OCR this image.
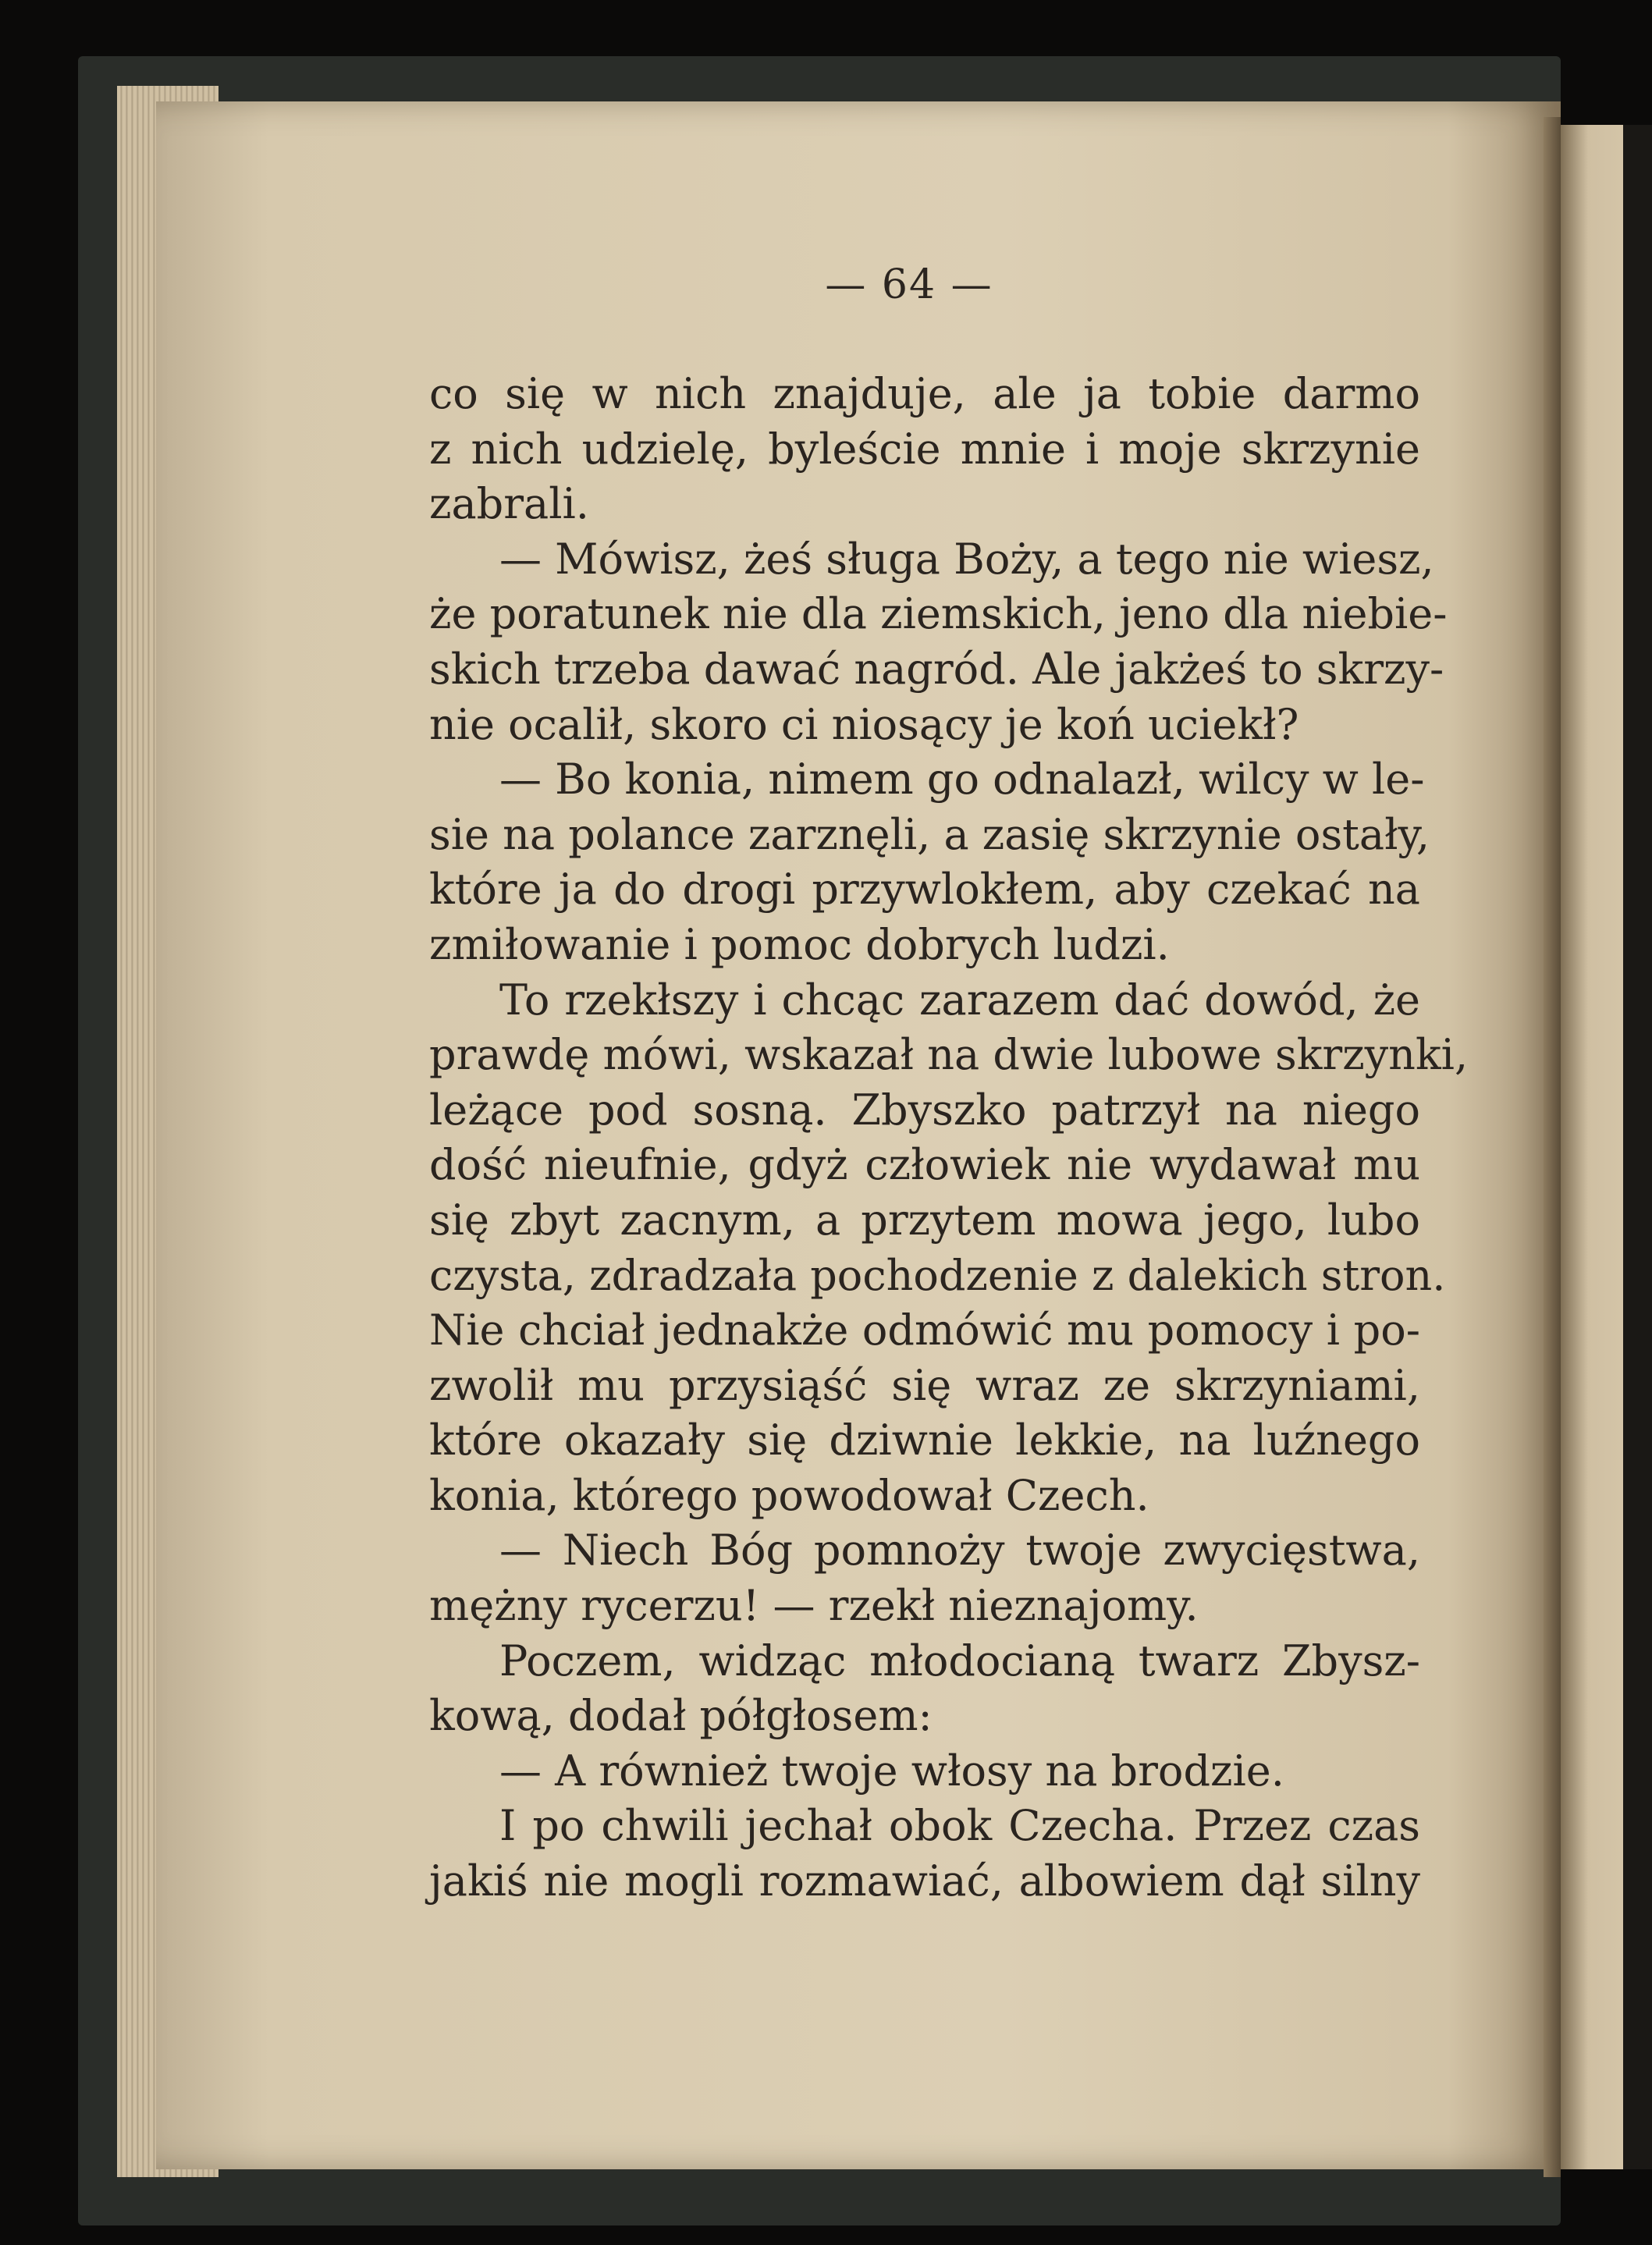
— 64 —
co się w nich znajduje, ale ja tobie darmo
z nich udzielę, byleście mnie i moje skrzynie
zabrali.
— Mówisz, żeś sługa Boży, a tego nie wiesz,
że poratunek nie dla ziemskich, jeno dla niebie-
skich trzeba dawać nagród. Ale jakżeś to skrzy-
nie ocalił, skoro ci niosący je koń uciekł?
— Bo konia, nimem go odnalazł, wilcy w le-
sie na polance zarznęli, a zasię skrzynie ostały,
które ja do drogi przywlokłem, aby czekać na
zmiłowanie i pomoc dobrych ludzi.
To rzekłszy i chcąc zarazem dać dowód, że
prawdę mówi, wskazał na dwie lubowe skrzynki,
leżące pod sosną. Zbyszko patrzył na niego
dość nieufnie, gdyż człowiek nie wydawał mu
się zbyt zacnym, a przytem mowa jego, lubo
czysta, zdradzała pochodzenie z dalekich stron.
Nie chciał jednakże odmówić mu pomocy i po-
zwolił mu przysiąść się wraz ze skrzyniami,
które okazały się dziwnie lekkie, na luźnego
konia, którego powodował Czech.
— Niech Bóg pomnoży twoje zwycięstwa,
mężny rycerzu! — rzekł nieznajomy.
Poczem, widząc młodocianą twarz Zbysz-
kową, dodał półgłosem:
— A również twoje włosy na brodzie.
I po chwili jechał obok Czecha. Przez czas
jakiś nie mogli rozmawiać, albowiem dął silny
